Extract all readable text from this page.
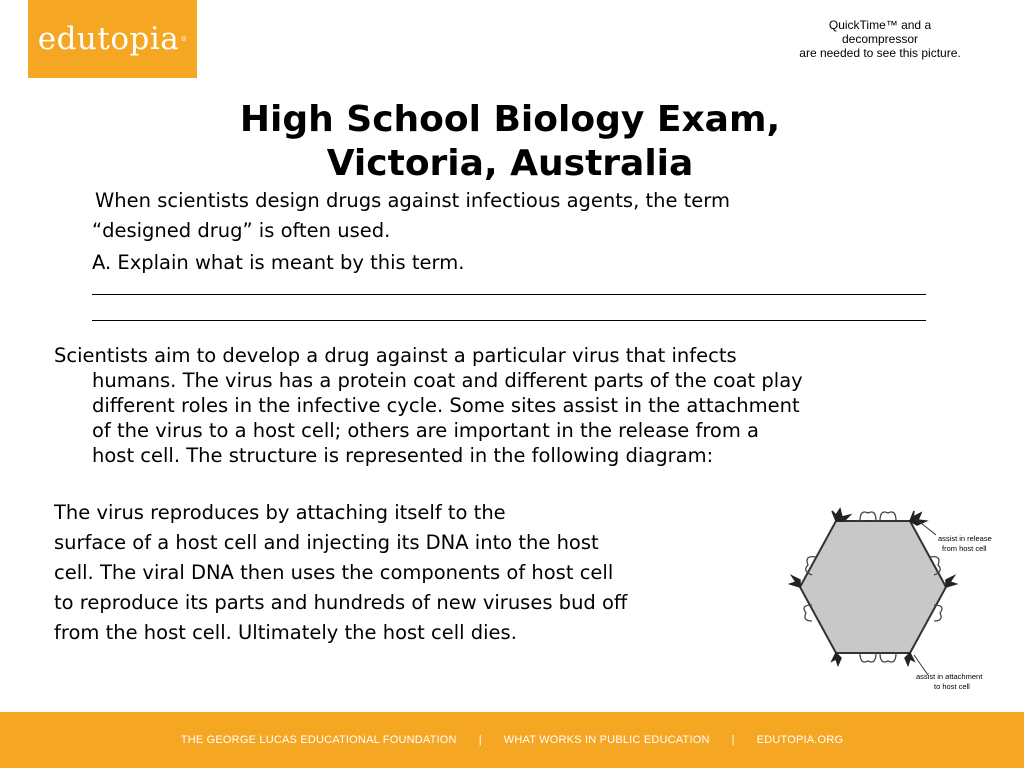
edutopia ®
QuickTime™ and a
decompressor
are needed to see this picture.
High School Biology Exam,
Victoria, Australia
When scientists design drugs against infectious agents, the term
“designed drug” is often used.
A. Explain what is meant by this term.
Scientists aim to develop a drug against a particular virus that infects
humans. The virus has a protein coat and different parts of the coat play
different roles in the infective cycle. Some sites assist in the attachment
of the virus to a host cell; others are important in the release from a
host cell. The structure is represented in the following diagram:
The virus reproduces by attaching itself to the
surface of a host cell and injecting its DNA into the host
cell. The viral DNA then uses the components of host cell
to reproduce its parts and hundreds of new viruses bud off
from the host cell. Ultimately the host cell dies.
assist in release
from host cell
assist in attachment
to host cell
THE GEORGE LUCAS EDUCATIONAL FOUNDATION | WHAT WORKS IN PUBLIC EDUCATION | EDUTOPIA.ORG
